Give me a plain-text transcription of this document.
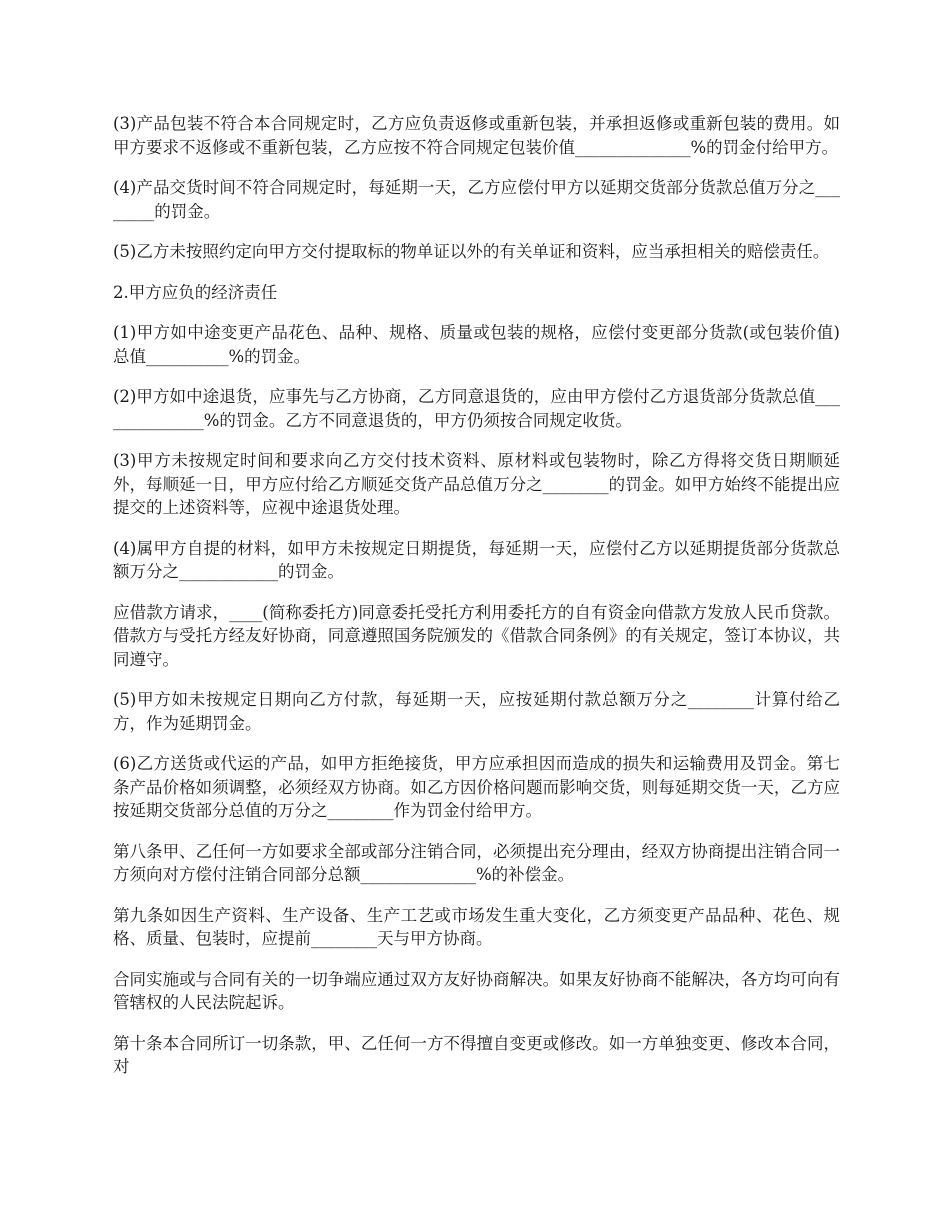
(3)产品包装不符合本合同规定时，乙方应负责返修或重新包装，并承担返修或重新包装的费用。如甲方要求不返修或不重新包装，乙方应按不符合同规定包装价值______________%的罚金付给甲方。

(4)产品交货时间不符合同规定时，每延期一天，乙方应偿付甲方以延期交货部分货款总值万分之________的罚金。

(5)乙方未按照约定向甲方交付提取标的物单证以外的有关单证和资料，应当承担相关的赔偿责任。

2.甲方应负的经济责任

(1)甲方如中途变更产品花色、品种、规格、质量或包装的规格，应偿付变更部分货款(或包装价值)总值__________%的罚金。

(2)甲方如中途退货，应事先与乙方协商，乙方同意退货的，应由甲方偿付乙方退货部分货款总值______________%的罚金。乙方不同意退货的，甲方仍须按合同规定收货。

(3)甲方未按规定时间和要求向乙方交付技术资料、原材料或包装物时，除乙方得将交货日期顺延外，每顺延一日，甲方应付给乙方顺延交货产品总值万分之________的罚金。如甲方始终不能提出应提交的上述资料等，应视中途退货处理。

(4)属甲方自提的材料，如甲方未按规定日期提货，每延期一天，应偿付乙方以延期提货部分货款总额万分之____________的罚金。

应借款方请求，____(简称委托方)同意委托受托方利用委托方的自有资金向借款方发放人民币贷款。借款方与受托方经友好协商，同意遵照国务院颁发的《借款合同条例》的有关规定，签订本协议，共同遵守。

(5)甲方如未按规定日期向乙方付款，每延期一天，应按延期付款总额万分之________计算付给乙方，作为延期罚金。

(6)乙方送货或代运的产品，如甲方拒绝接货，甲方应承担因而造成的损失和运输费用及罚金。第七条产品价格如须调整，必须经双方协商。如乙方因价格问题而影响交货，则每延期交货一天，乙方应按延期交货部分总值的万分之________作为罚金付给甲方。

第八条甲、乙任何一方如要求全部或部分注销合同，必须提出充分理由，经双方协商提出注销合同一方须向对方偿付注销合同部分总额______________%的补偿金。

第九条如因生产资料、生产设备、生产工艺或市场发生重大变化，乙方须变更产品品种、花色、规格、质量、包装时，应提前________天与甲方协商。

合同实施或与合同有关的一切争端应通过双方友好协商解决。如果友好协商不能解决，各方均可向有管辖权的人民法院起诉。

第十条本合同所订一切条款，甲、乙任何一方不得擅自变更或修改。如一方单独变更、修改本合同，对
